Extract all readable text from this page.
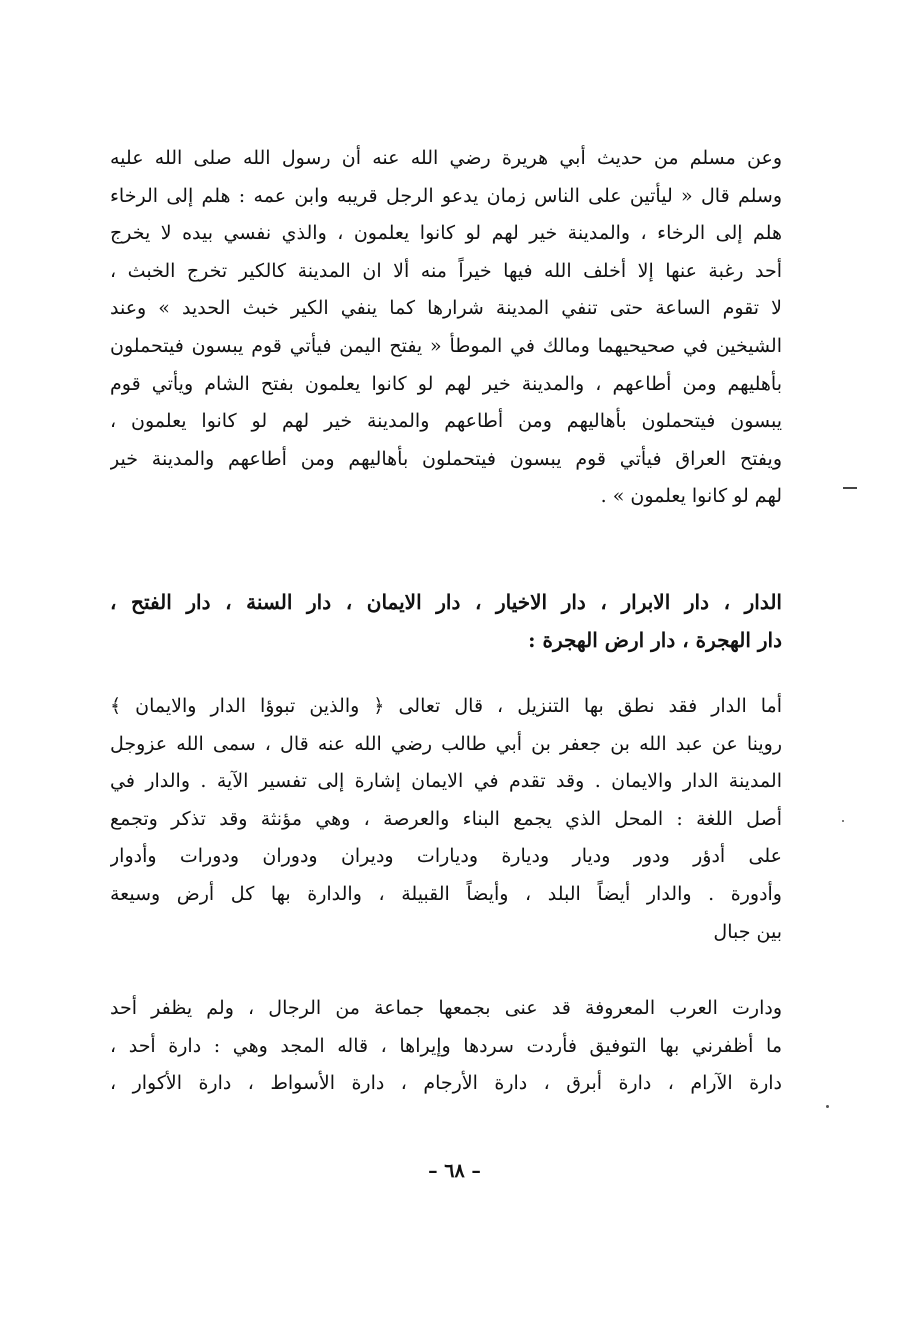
وعن مسلم من حديث أبي هريرة رضي الله عنه أن رسول الله صلى الله عليه
وسلم قال « ليأتين على الناس زمان يدعو الرجل قريبه وابن عمه : هلم إلى الرخاء
هلم إلى الرخاء ، والمدينة خير لهم لو كانوا يعلمون ، والذي نفسي بيده لا يخرج
أحد رغبة عنها إلا أخلف الله فيها خيراً منه ألا ان المدينة كالكير تخرج الخبث ،
لا تقوم الساعة حتى تنفي المدينة شرارها كما ينفي الكير خبث الحديد » وعند
الشيخين في صحيحيهما ومالك في الموطأ « يفتح اليمن فيأتي قوم يبسون فيتحملون
بأهليهم ومن أطاعهم ، والمدينة خير لهم لو كانوا يعلمون بفتح الشام ويأتي قوم
يبسون فيتحملون بأهاليهم ومن أطاعهم والمدينة خير لهم لو كانوا يعلمون ،
ويفتح العراق فيأتي قوم يبسون فيتحملون بأهاليهم ومن أطاعهم والمدينة خير
لهم لو كانوا يعلمون » .
الدار ، دار الابرار ، دار الاخيار ، دار الايمان ، دار السنة ، دار الفتح ،
دار الهجرة ، دار ارض الهجرة :
أما الدار فقد نطق بها التنزيل ، قال تعالى ﴿ والذين تبوؤا الدار والايمان ﴾
روينا عن عبد الله بن جعفر بن أبي طالب رضي الله عنه قال ، سمى الله عزوجل
المدينة الدار والايمان . وقد تقدم في الايمان إشارة إلى تفسير الآية . والدار في
أصل اللغة : المحل الذي يجمع البناء والعرصة ، وهي مؤنثة وقد تذكر وتجمع
على أدؤر ودور وديار وديارة وديارات وديران ودوران ودورات وأدوار
وأدورة . والدار أيضاً البلد ، وأيضاً القبيلة ، والدارة بها كل أرض وسيعة
بين جبال
ودارت العرب المعروفة قد عنى بجمعها جماعة من الرجال ، ولم يظفر أحد
ما أظفرني بها التوفيق فأردت سردها وإيراها ، قاله المجد وهي : دارة أحد ،
دارة الآرام ، دارة أبرق ، دارة الأرجام ، دارة الأسواط ، دارة الأكوار ،
– ٦٨ –
